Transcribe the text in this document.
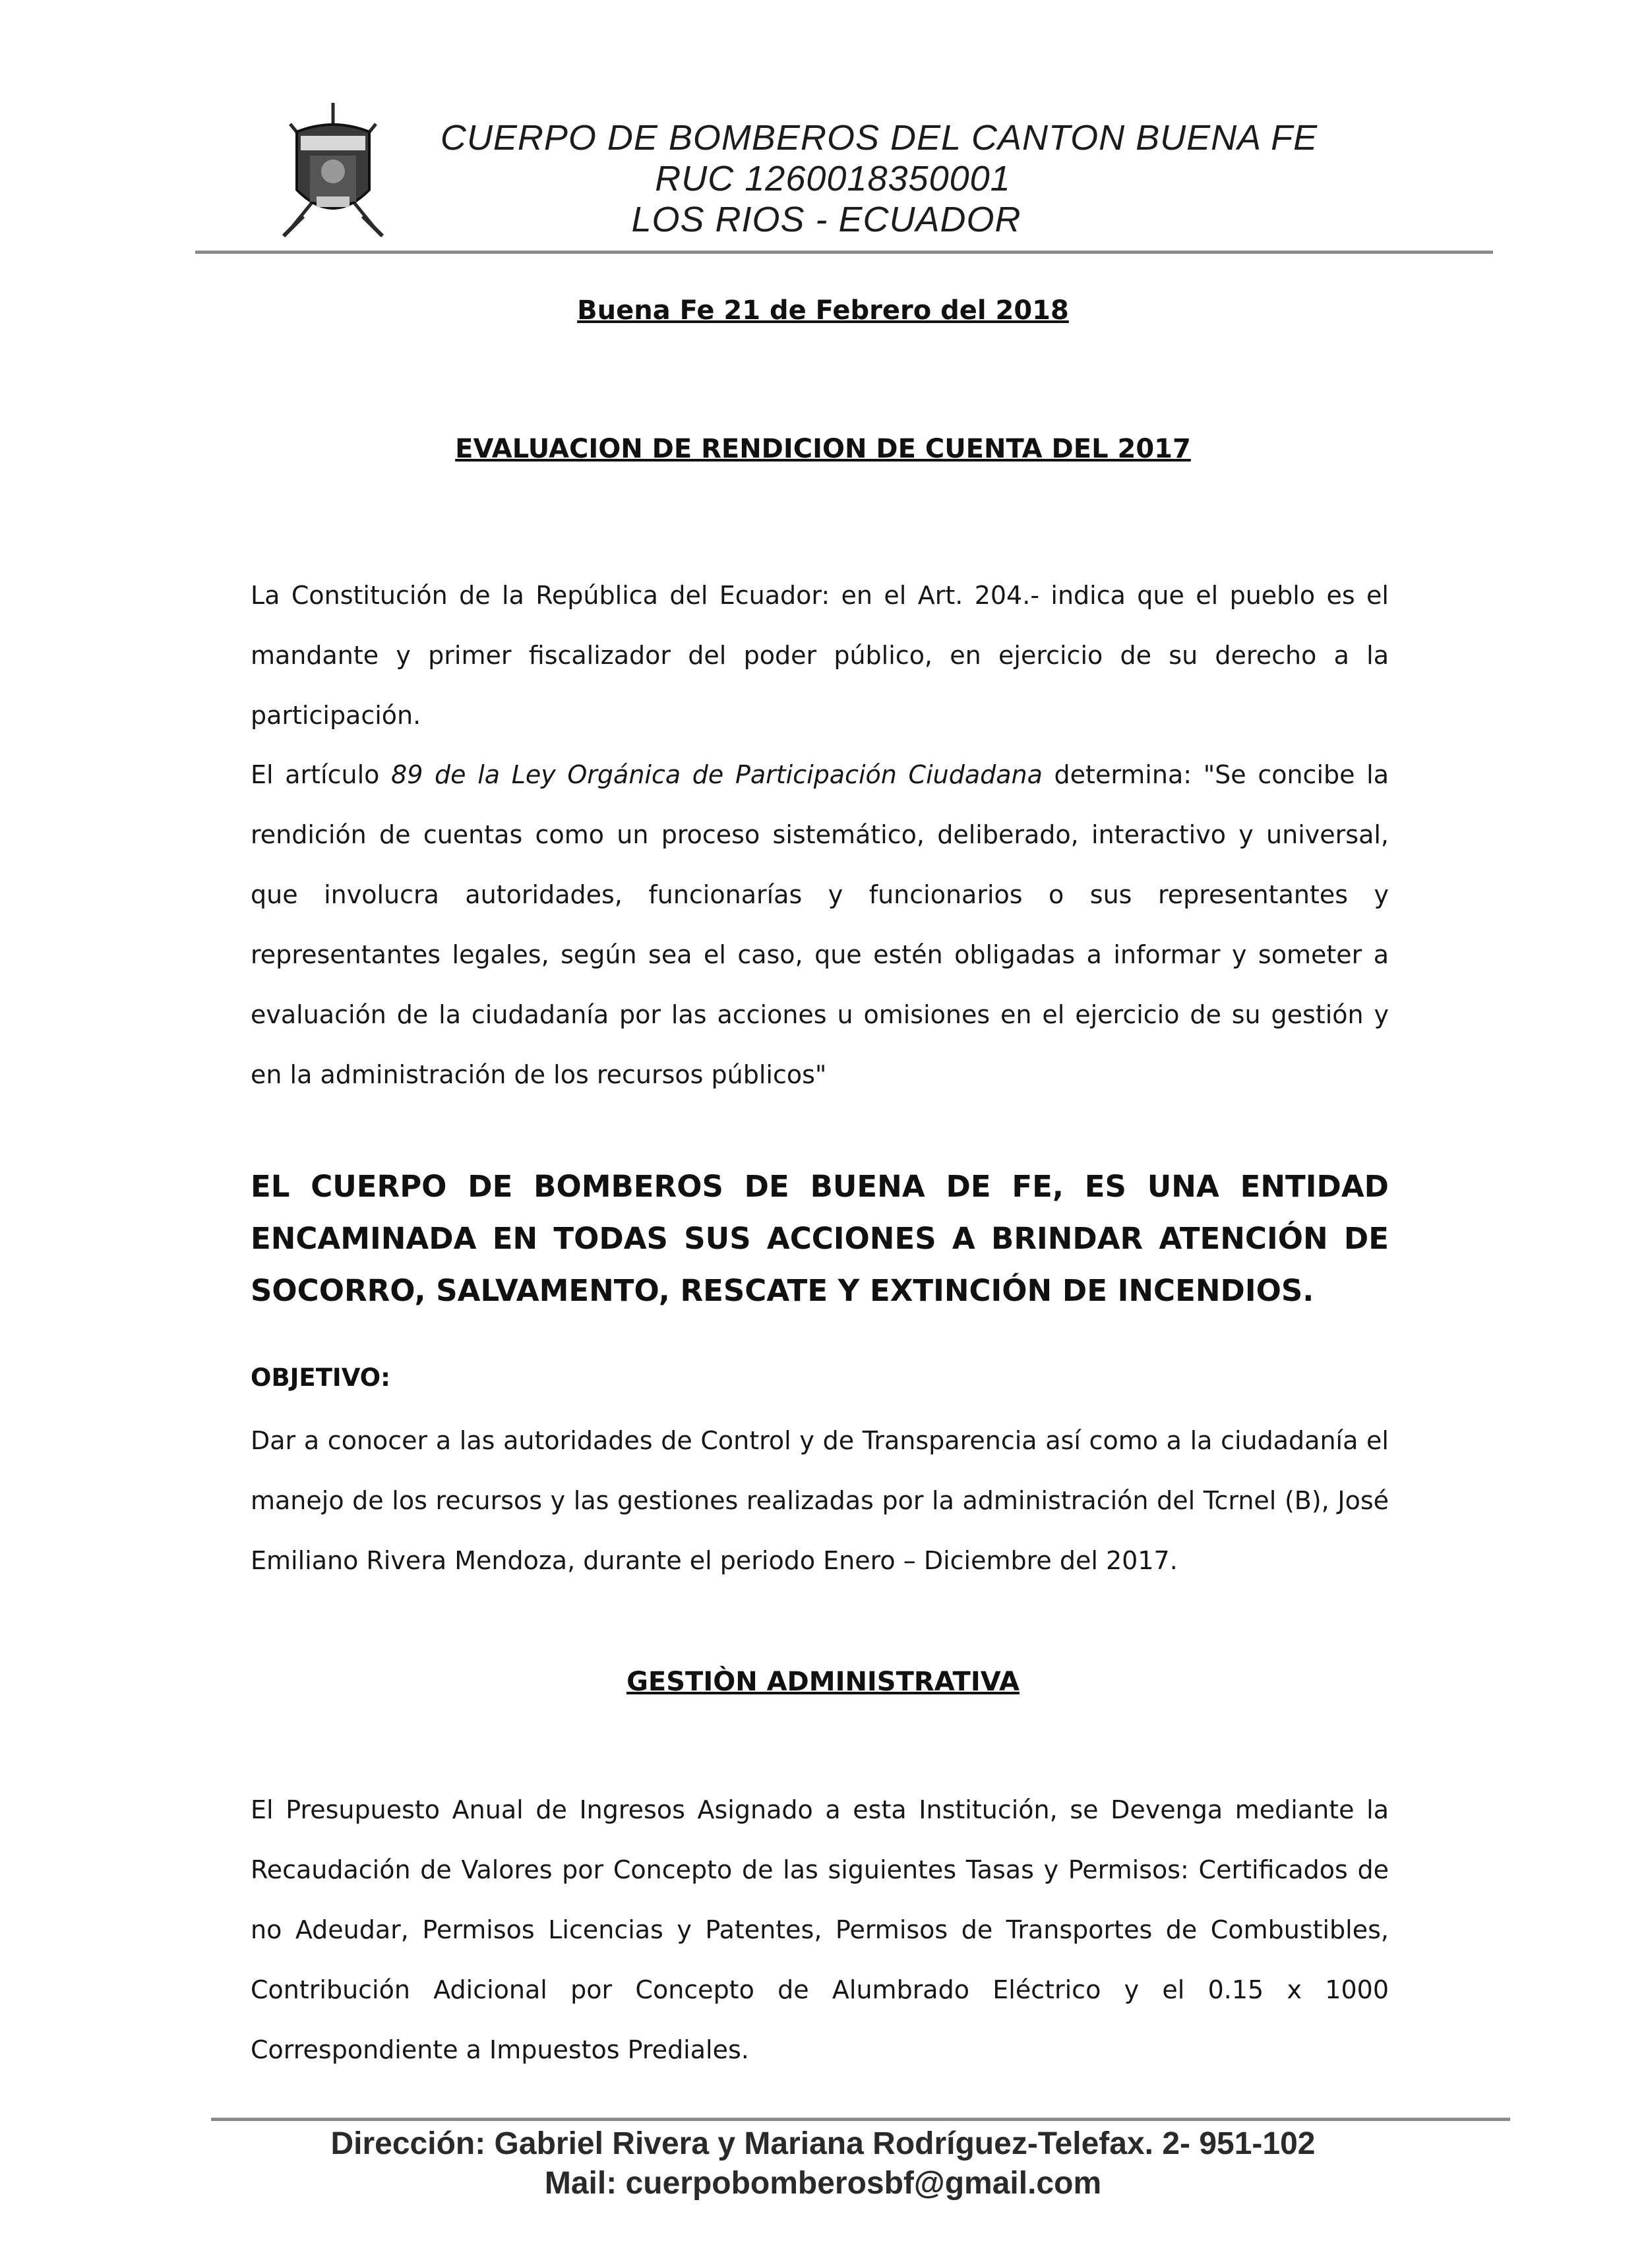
CUERPO DE BOMBEROS DEL CANTON BUENA FE
RUC 1260018350001
LOS RIOS - ECUADOR
Buena Fe 21 de Febrero del 2018
EVALUACION DE RENDICION DE CUENTA DEL 2017

La Constitución de la República del Ecuador: en el Art. 204.- indica que el pueblo es el mandante y primer fiscalizador del poder público, en ejercicio de su derecho a la participación.

El artículo 89 de la Ley Orgánica de Participación Ciudadana determina: "Se concibe la rendición de cuentas como un proceso sistemático, deliberado, interactivo y universal, que involucra autoridades, funcionarías y funcionarios o sus representantes y representantes legales, según sea el caso, que estén obligadas a informar y someter a evaluación de la ciudadanía por las acciones u omisiones en el ejercicio de su gestión y en la administración de los recursos públicos"

EL CUERPO DE BOMBEROS DE BUENA DE FE, ES UNA ENTIDAD ENCAMINADA EN TODAS SUS ACCIONES A BRINDAR ATENCIÓN DE SOCORRO, SALVAMENTO, RESCATE Y EXTINCIÓN DE INCENDIOS.

OBJETIVO:

Dar a conocer a las autoridades de Control y de Transparencia así como a la ciudadanía el manejo de los recursos y las gestiones realizadas por la administración del Tcrnel (B), José Emiliano Rivera Mendoza, durante el periodo Enero – Diciembre del 2017.

GESTIÒN ADMINISTRATIVA

El Presupuesto Anual de Ingresos Asignado a esta Institución, se Devenga mediante la Recaudación de Valores por Concepto de las siguientes Tasas y Permisos: Certificados de no Adeudar, Permisos Licencias y Patentes, Permisos de Transportes de Combustibles, Contribución Adicional por Concepto de Alumbrado Eléctrico y el 0.15 x 1000 Correspondiente a Impuestos Prediales.

Dirección: Gabriel Rivera y Mariana Rodríguez-Telefax. 2- 951-102
Mail: cuerpobomberosbf@gmail.com
